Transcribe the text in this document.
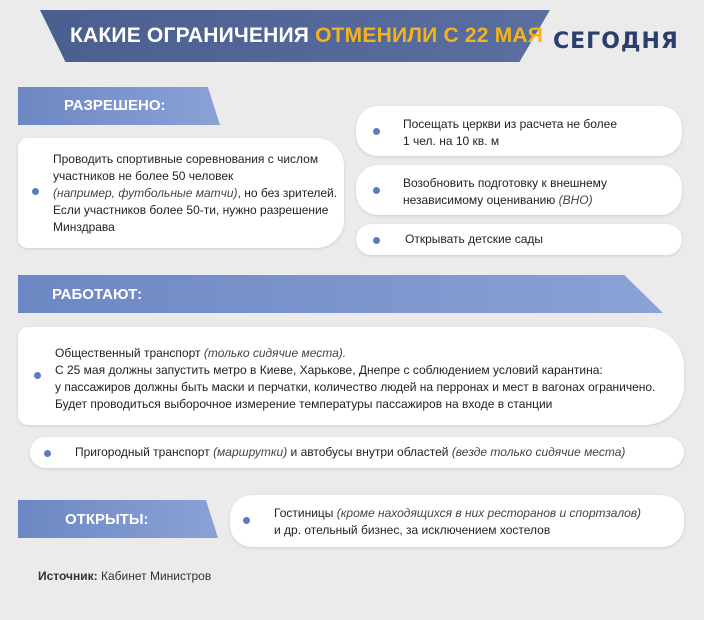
КАКИЕ ОГРАНИЧЕНИЯ ОТМЕНИЛИ С 22 МАЯ СЕГОДНЯ
РАЗРЕШЕНО:
Проводить спортивные соревнования с числом
участников не более 50 человек
(например, футбольные матчи), но без зрителей.
Если участников более 50-ти, нужно разрешение
Минздрава
Посещать церкви из расчета не более
1 чел. на 10 кв. м
Возобновить подготовку к внешнему
независимому оцениванию (ВНО)
Открывать детские сады
РАБОТАЮТ:
Общественный транспорт (только сидячие места).
С 25 мая должны запустить метро в Киеве, Харькове, Днепре с соблюдением условий карантина:
у пассажиров должны быть маски и перчатки, количество людей на перронах и мест в вагонах ограничено.
Будет проводиться выборочное измерение температуры пассажиров на входе в станции
Пригородный транспорт (маршрутки) и автобусы внутри областей (везде только сидячие места)
ОТКРЫТЫ:	Гостиницы (кроме находящихся в них ресторанов и спортзалов)
и др. отельный бизнес, за исключением хостелов
Источник: Кабинет Министров
